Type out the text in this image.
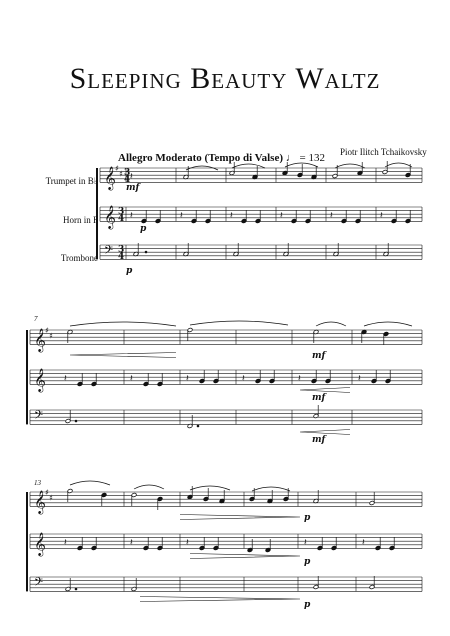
Sleeping Beauty Waltz
Piotr Ilitch Tchaikovsky
Allegro Moderato (Tempo di Valse) ♩ = 132
Trumpet in B♭
Horn in F
Trombone
7
13
𝄞 ♯
♯ 3
4
𝄞 3
4
𝄢 3
4
𝄞 ♯
♯
𝄞
𝄢
𝄞 ♯
♯
𝄞
𝄢
𝄽
𝄽	𝄽	𝄽	𝄽	𝄽	𝄽
𝄽	𝄽	𝄽	𝄽	𝄽	𝄽
𝄽	𝄽	𝄽	𝄽	𝄽
mf
p
p
mf
mf
mf
p
p
p
